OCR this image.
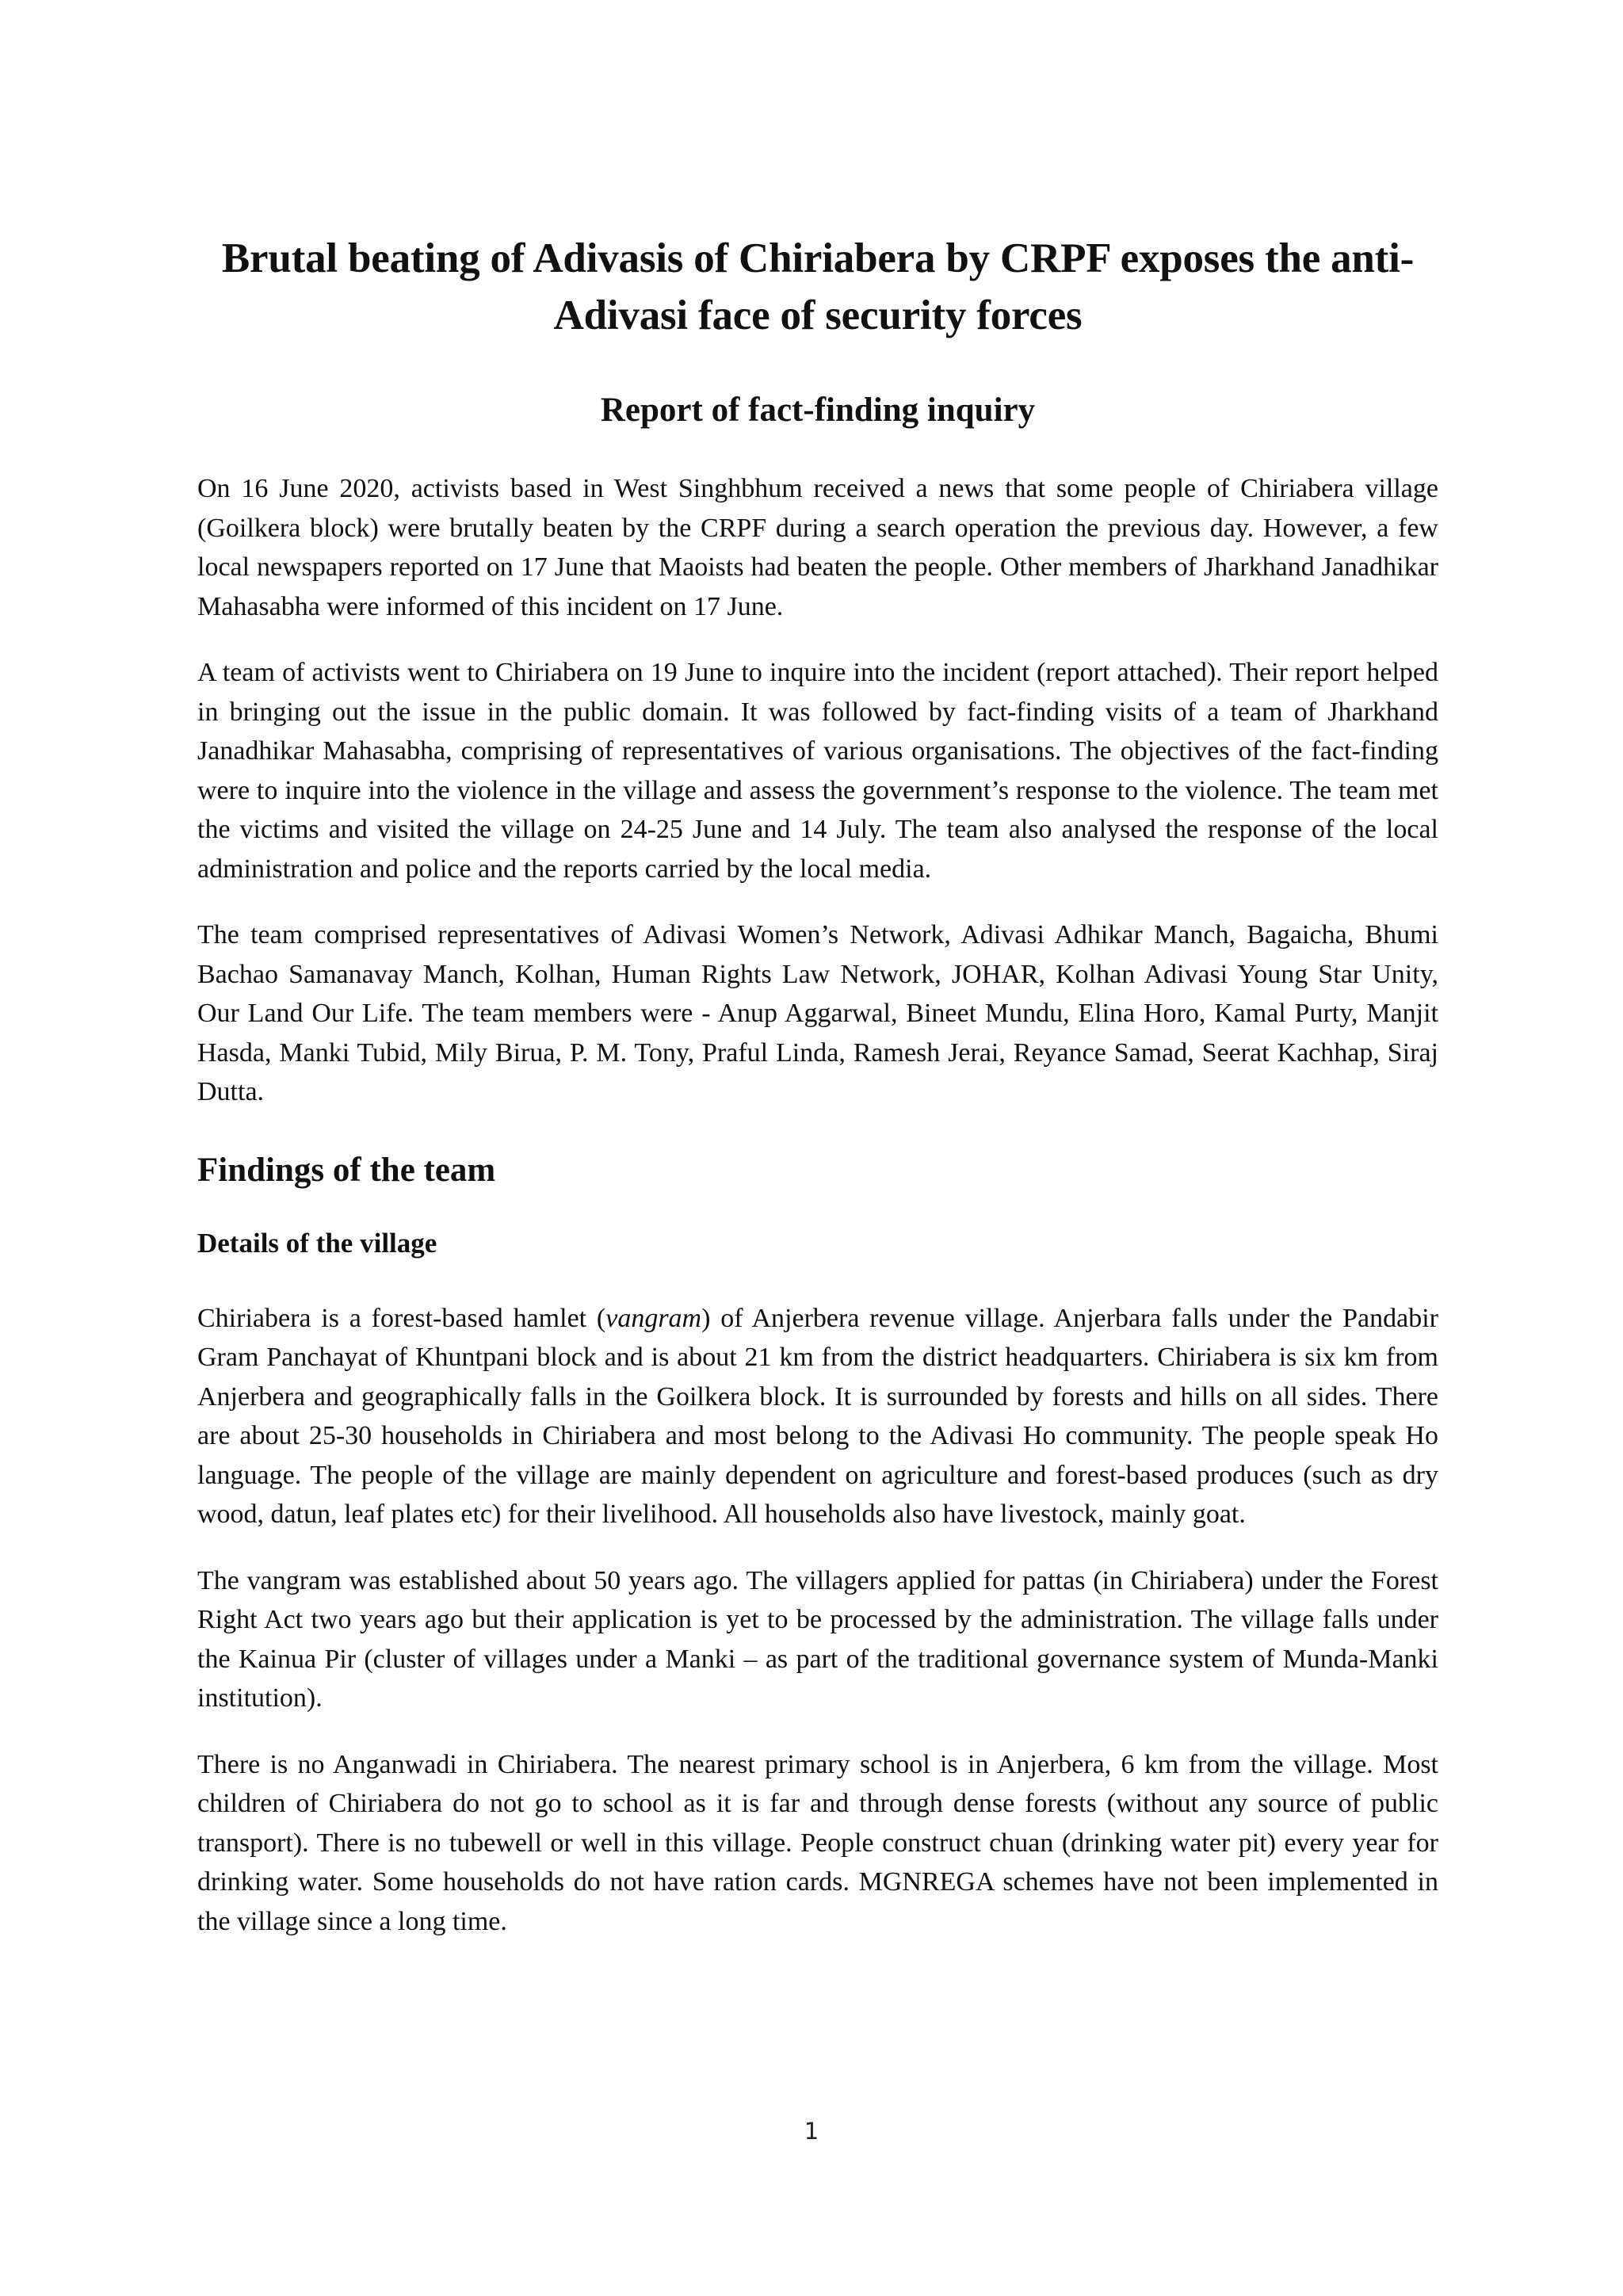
Brutal beating of Adivasis of Chiriabera by CRPF exposes the anti-Adivasi face of security forces
Report of fact-finding inquiry

On 16 June 2020, activists based in West Singhbhum received a news that some people of Chiriabera village (Goilkera block) were brutally beaten by the CRPF during a search operation the previous day. However, a few local newspapers reported on 17 June that Maoists had beaten the people. Other members of Jharkhand Janadhikar Mahasabha were informed of this incident on 17 June.

A team of activists went to Chiriabera on 19 June to inquire into the incident (report attached). Their report helped in bringing out the issue in the public domain. It was followed by fact-finding visits of a team of Jharkhand Janadhikar Mahasabha, comprising of representatives of various organisations. The objectives of the fact-finding were to inquire into the violence in the village and assess the government’s response to the violence. The team met the victims and visited the village on 24-25 June and 14 July. The team also analysed the response of the local administration and police and the reports carried by the local media.

The team comprised representatives of Adivasi Women’s Network, Adivasi Adhikar Manch, Bagaicha, Bhumi Bachao Samanavay Manch, Kolhan, Human Rights Law Network, JOHAR, Kolhan Adivasi Young Star Unity, Our Land Our Life. The team members were - Anup Aggarwal, Bineet Mundu, Elina Horo, Kamal Purty, Manjit Hasda, Manki Tubid, Mily Birua, P. M. Tony, Praful Linda, Ramesh Jerai, Reyance Samad, Seerat Kachhap, Siraj Dutta.

Findings of the team
Details of the village

Chiriabera is a forest-based hamlet (vangram) of Anjerbera revenue village. Anjerbara falls under the Pandabir Gram Panchayat of Khuntpani block and is about 21 km from the district headquarters. Chiriabera is six km from Anjerbera and geographically falls in the Goilkera block. It is surrounded by forests and hills on all sides. There are about 25-30 households in Chiriabera and most belong to the Adivasi Ho community. The people speak Ho language. The people of the village are mainly dependent on agriculture and forest-based produces (such as dry wood, datun, leaf plates etc) for their livelihood. All households also have livestock, mainly goat.

The vangram was established about 50 years ago. The villagers applied for pattas (in Chiriabera) under the Forest Right Act two years ago but their application is yet to be processed by the administration. The village falls under the Kainua Pir (cluster of villages under a Manki – as part of the traditional governance system of Munda-Manki institution).

There is no Anganwadi in Chiriabera. The nearest primary school is in Anjerbera, 6 km from the village. Most children of Chiriabera do not go to school as it is far and through dense forests (without any source of public transport). There is no tubewell or well in this village. People construct chuan (drinking water pit) every year for drinking water. Some households do not have ration cards. MGNREGA schemes have not been implemented in the village since a long time.

1
